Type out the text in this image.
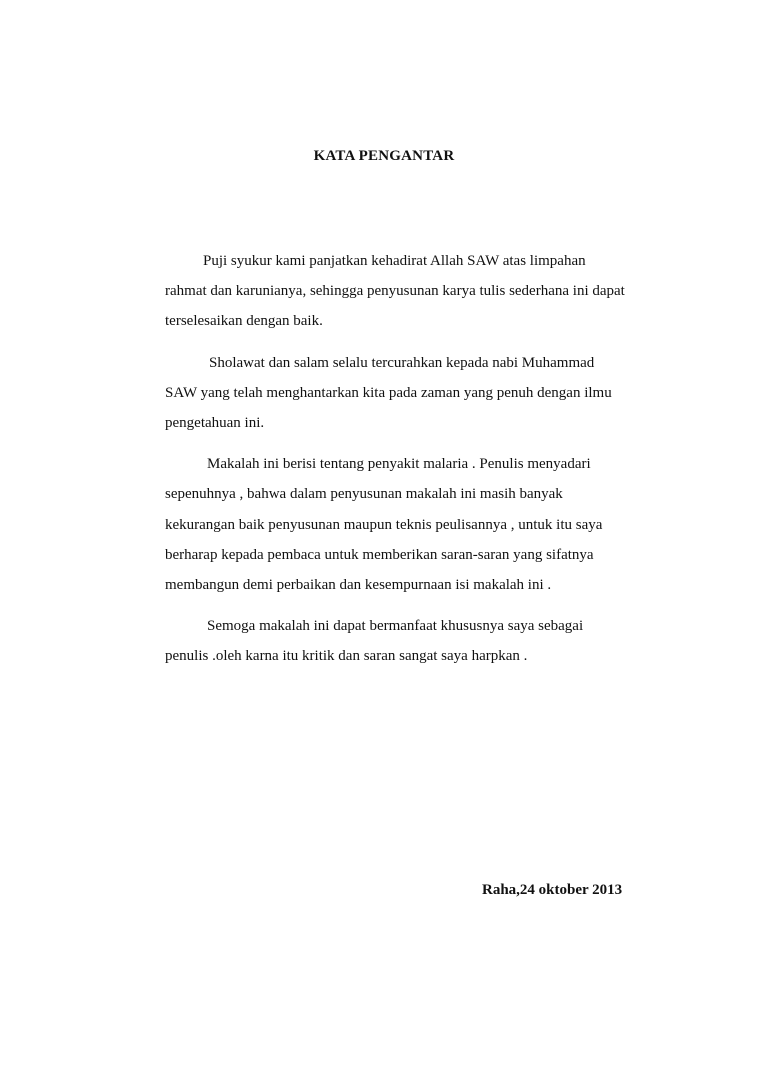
KATA PENGANTAR
Puji syukur kami panjatkan kehadirat Allah SAW atas limpahan
rahmat dan karunianya, sehingga penyusunan karya tulis sederhana ini dapat
terselesaikan dengan baik.
Sholawat dan salam selalu tercurahkan kepada nabi Muhammad
SAW yang telah menghantarkan kita pada zaman yang penuh dengan ilmu
pengetahuan ini.
Makalah ini berisi tentang penyakit malaria . Penulis menyadari
sepenuhnya , bahwa dalam penyusunan makalah ini masih banyak
kekurangan baik penyusunan maupun teknis peulisannya , untuk itu saya
berharap kepada pembaca untuk memberikan saran-saran yang sifatnya
membangun demi perbaikan dan kesempurnaan isi makalah ini .
Semoga makalah ini dapat bermanfaat khususnya saya sebagai
penulis .oleh karna itu kritik dan saran sangat saya harpkan .
Raha,24 oktober 2013
